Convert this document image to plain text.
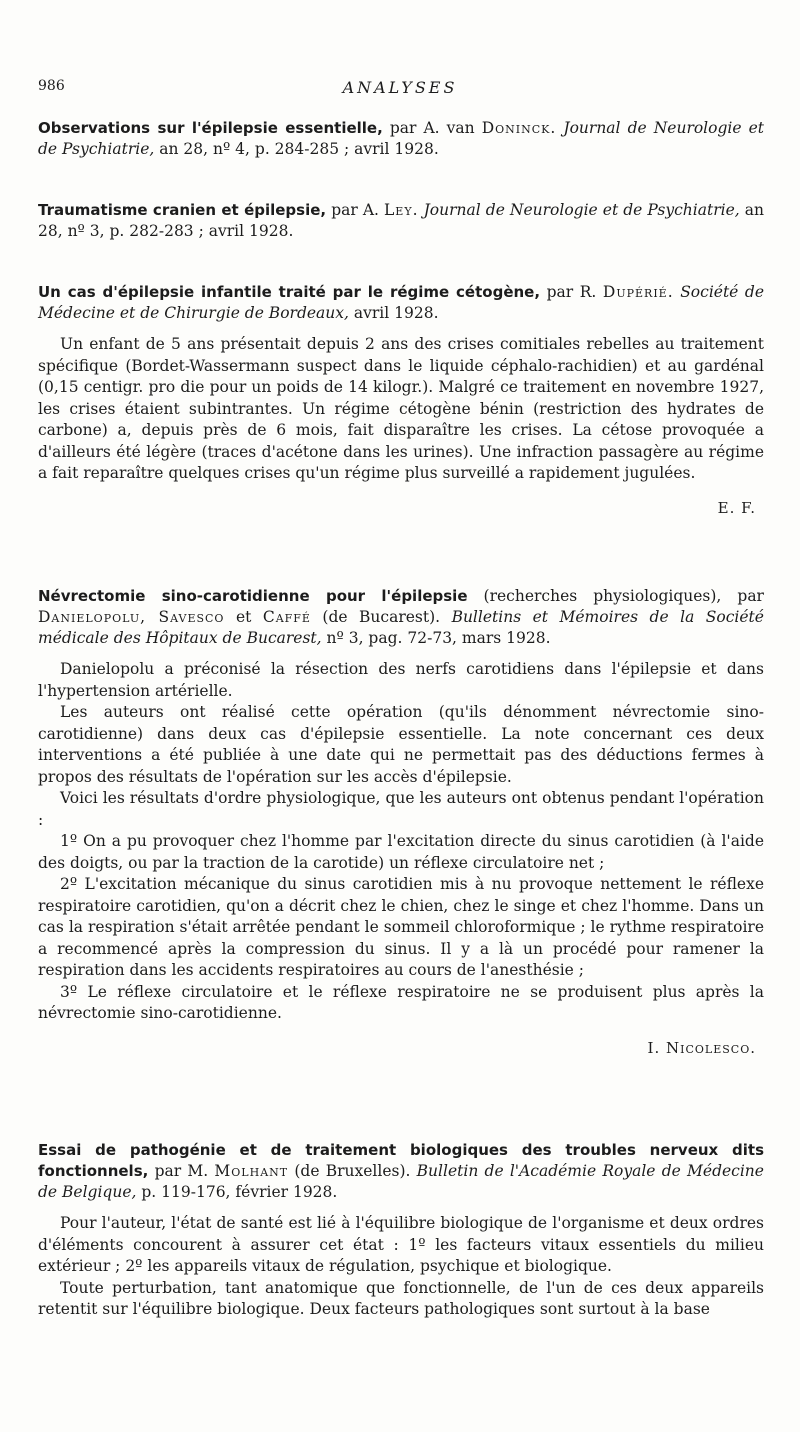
986	ANALYSES

Observations sur l'épilepsie essentielle, par A. van Doninck. Journal de Neurologie et de Psychiatrie, an 28, nº 4, p. 284-285 ; avril 1928.

Traumatisme cranien et épilepsie, par A. Ley. Journal de Neurologie et de Psychiatrie, an 28, nº 3, p. 282-283 ; avril 1928.

Un cas d'épilepsie infantile traité par le régime cétogène, par R. Dupérié. Société de Médecine et de Chirurgie de Bordeaux, avril 1928.

Un enfant de 5 ans présentait depuis 2 ans des crises comitiales rebelles au traitement spécifique (Bordet-Wassermann suspect dans le liquide céphalo-rachidien) et au gardénal (0,15 centigr. pro die pour un poids de 14 kilogr.). Malgré ce traitement en novembre 1927, les crises étaient subintrantes. Un régime cétogène bénin (restriction des hydrates de carbone) a, depuis près de 6 mois, fait disparaître les crises. La cétose provoquée a d'ailleurs été légère (traces d'acétone dans les urines). Une infraction passagère au régime a fait reparaître quelques crises qu'un régime plus surveillé a rapidement jugulées.

E. F.

Névrectomie sino-carotidienne pour l'épilepsie (recherches physiologiques), par Danielopolu, Savesco et Caffé (de Bucarest). Bulletins et Mémoires de la Société médicale des Hôpitaux de Bucarest, nº 3, pag. 72-73, mars 1928.

Danielopolu a préconisé la résection des nerfs carotidiens dans l'épilepsie et dans l'hypertension artérielle.

Les auteurs ont réalisé cette opération (qu'ils dénomment névrectomie sino-carotidienne) dans deux cas d'épilepsie essentielle. La note concernant ces deux interventions a été publiée à une date qui ne permettait pas des déductions fermes à propos des résultats de l'opération sur les accès d'épilepsie.

Voici les résultats d'ordre physiologique, que les auteurs ont obtenus pendant l'opération :

1º On a pu provoquer chez l'homme par l'excitation directe du sinus carotidien (à l'aide des doigts, ou par la traction de la carotide) un réflexe circulatoire net ;

2º L'excitation mécanique du sinus carotidien mis à nu provoque nettement le réflexe respiratoire carotidien, qu'on a décrit chez le chien, chez le singe et chez l'homme. Dans un cas la respiration s'était arrêtée pendant le sommeil chloroformique ; le rythme respiratoire a recommencé après la compression du sinus. Il y a là un procédé pour ramener la respiration dans les accidents respiratoires au cours de l'anesthésie ;

3º Le réflexe circulatoire et le réflexe respiratoire ne se produisent plus après la névrectomie sino-carotidienne.

I. Nicolesco.

Essai de pathogénie et de traitement biologiques des troubles nerveux dits fonctionnels, par M. Molhant (de Bruxelles). Bulletin de l'Académie Royale de Médecine de Belgique, p. 119-176, février 1928.

Pour l'auteur, l'état de santé est lié à l'équilibre biologique de l'organisme et deux ordres d'éléments concourent à assurer cet état : 1º les facteurs vitaux essentiels du milieu extérieur ; 2º les appareils vitaux de régulation, psychique et biologique.

Toute perturbation, tant anatomique que fonctionnelle, de l'un de ces deux appareils retentit sur l'équilibre biologique. Deux facteurs pathologiques sont surtout à la base
